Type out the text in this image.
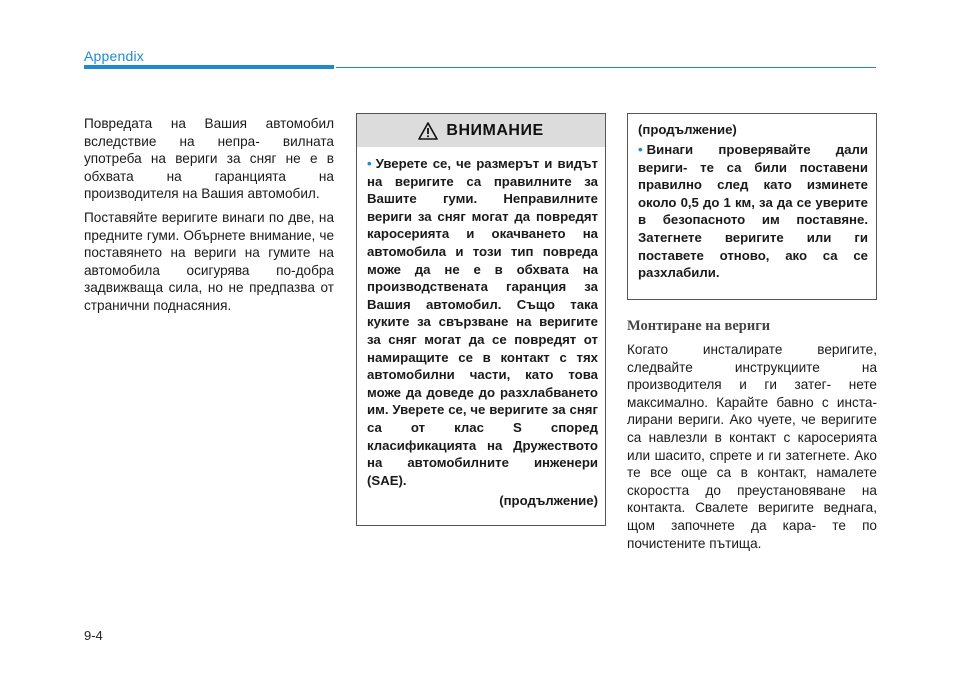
Appendix

Повредата на Вашия автомобил вследствие на непра- вилната употреба на вериги за сняг не е в обхвата на гаранцията на производителя на Вашия автомобил.

Поставяйте веригите винаги по две, на предните гуми. Обърнете внимание, че поставянето на вериги на гумите на автомобила осигурява по-добра задвижваща сила, но не предпазва от странични поднасяния.

ВНИМАНИЕ

• Уверете се, че размерът и видът на веригите са правилните за Вашите гуми. Неправилните вериги за сняг могат да повредят каросерията и окачването на автомобила и този тип повреда може да не е в обхвата на производствената гаранция за Вашия автомобил. Също така куките за свързване на веригите за сняг могат да се повредят от намиращите се в контакт с тях автомобилни части, като това може да доведе до разхлабването им. Уверете се, че веригите за сняг са от клас S според класификацията на Дружеството на автомобилните инженери (SAE).

(продължение)
(продължение)

• Винаги проверявайте дали вериги- те са били поставени правилно след като изминете около 0,5 до 1 км, за да се уверите в безопасното им поставяне. Затегнете веригите или ги поставете отново, ако са се разхлабили.

Монтиране на вериги

Когато инсталирате веригите, следвайте инструкциите на производителя и ги затег- нете максимално. Карайте бавно с инста- лирани вериги. Ако чуете, че веригите са навлезли в контакт с каросерията или шасито, спрете и ги затегнете. Ако те все още са в контакт, намалете скоростта до преустановяване на контакта. Свалете веригите веднага, щом започнете да кара- те по почистените пътища.

9-4
